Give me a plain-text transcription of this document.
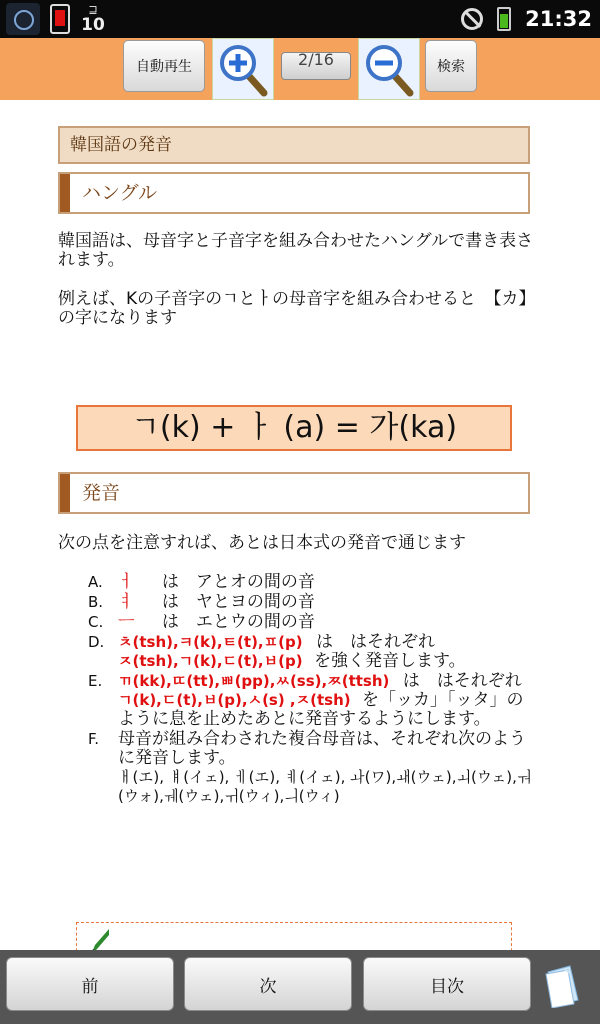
⊒
10	21:32
自動再生	2/16	検索
韓国語の発音
ハングル
韓国語は、母音字と子音字を組み合わせたハングルで書き表されます。
例えば、Kの子音字のㄱとㅏの母音字を組み合わせると　【カ】の字になります
ㄱ(k) + ㅏ (a) = 가(ka)
発音
次の点を注意すれば、あとは日本式の発音で通じます
A. ㅓ は　アとオの間の音
B. ㅕ は　ヤとヨの間の音
C. ㅡ は　エとウの間の音
D. ㅊ(tsh),ㅋ(k),ㅌ(t),ㅍ(p) は　はそれぞれ
ㅈ(tsh),ㄱ(k),ㄷ(t),ㅂ(p) を強く発音します。
E. ㄲ(kk),ㄸ(tt),ㅃ(pp),ㅆ(ss),ㅉ(ttsh) は　はそれぞれ
ㄱ(k),ㄷ(t),ㅂ(p),ㅅ(s) ,ㅈ(tsh) を「ッカ」「ッタ」のように息を止めたあとに発音するようにします。
F. 母音が組み合わされた複合母音は、それぞれ次のように発音します。
ㅐ(エ), ㅒ(イェ), ㅔ(エ), ㅖ(イェ), ㅘ(ワ),ㅙ(ウェ),ㅚ(ウェ),ㅝ(ウォ),ㅞ(ウェ),ㅟ(ウィ),ㅢ(ウィ)
前	次	目次
